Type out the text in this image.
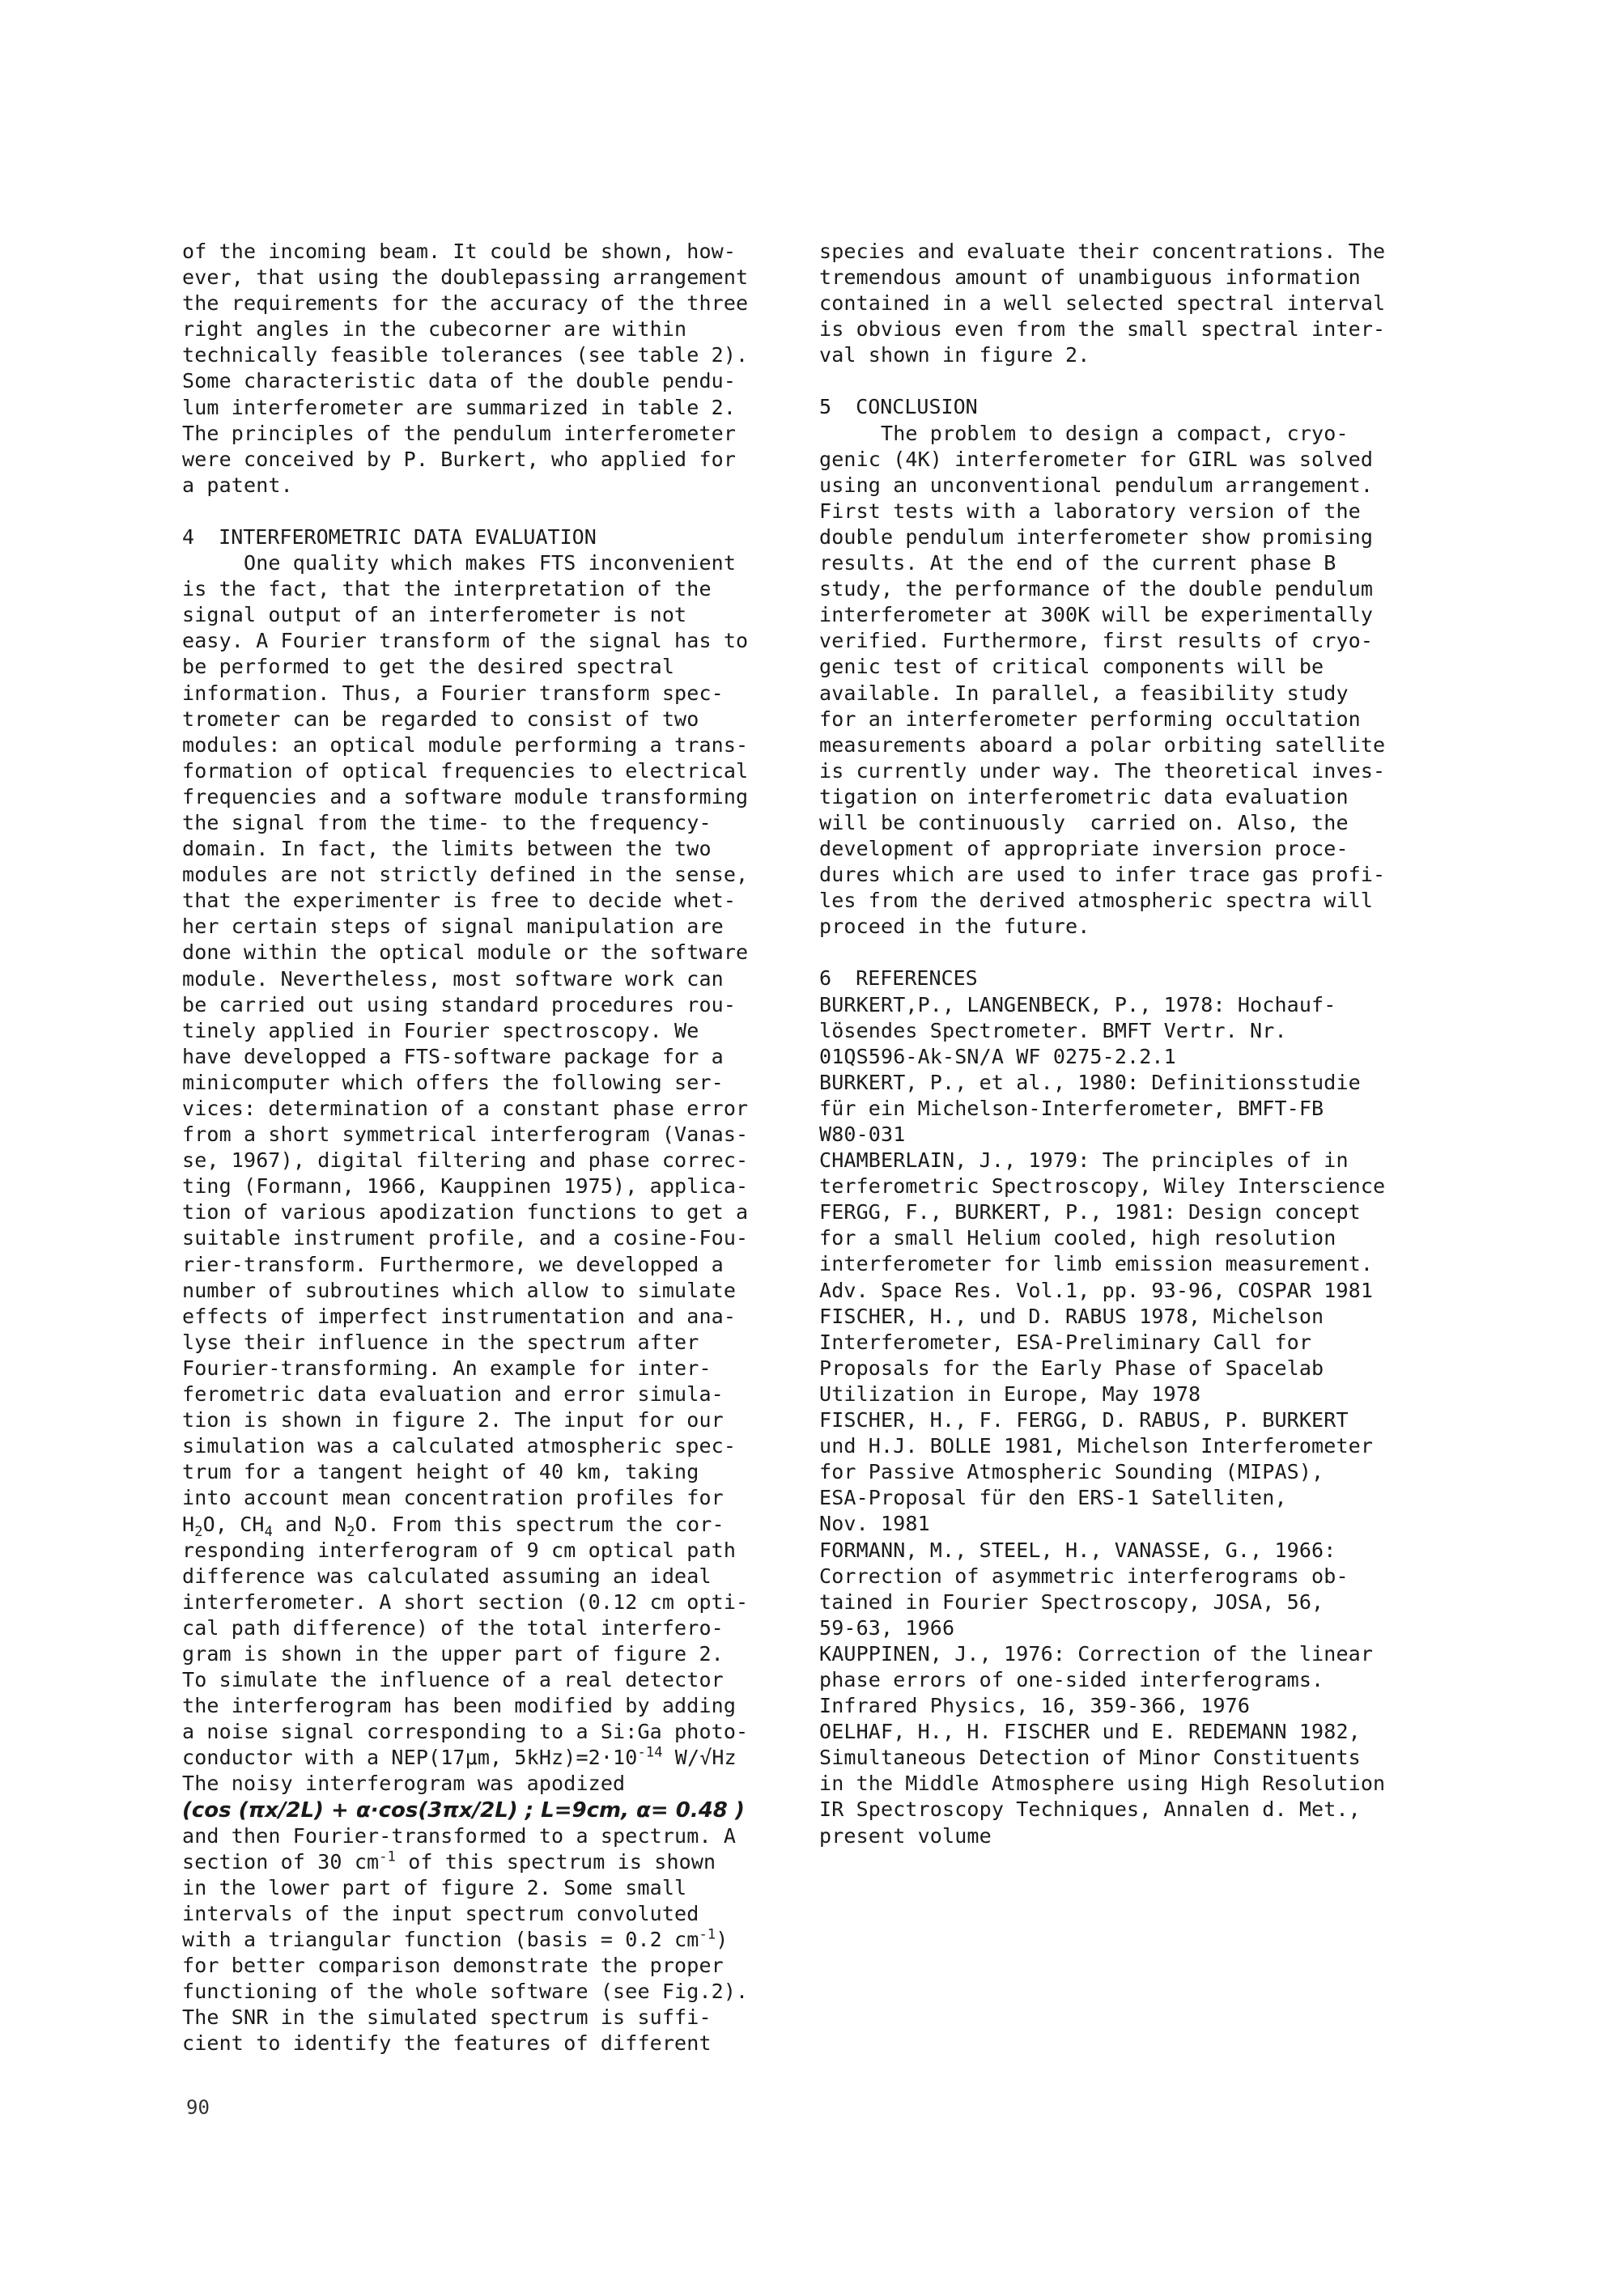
of the incoming beam. It could be shown, how-
ever, that using the doublepassing arrangement
the requirements for the accuracy of the three
right angles in the cubecorner are within
technically feasible tolerances (see table 2).
Some characteristic data of the double pendu-
lum interferometer are summarized in table 2.
The principles of the pendulum interferometer
were conceived by P. Burkert, who applied for
a patent.
4  INTERFEROMETRIC DATA EVALUATION
One quality which makes FTS inconvenient
is the fact, that the interpretation of the
signal output of an interferometer is not
easy. A Fourier transform of the signal has to
be performed to get the desired spectral
information. Thus, a Fourier transform spec-
trometer can be regarded to consist of two
modules: an optical module performing a trans-
formation of optical frequencies to electrical
frequencies and a software module transforming
the signal from the time- to the frequency-
domain. In fact, the limits between the two
modules are not strictly defined in the sense,
that the experimenter is free to decide whet-
her certain steps of signal manipulation are
done within the optical module or the software
module. Nevertheless, most software work can
be carried out using standard procedures rou-
tinely applied in Fourier spectroscopy. We
have developped a FTS-software package for a
minicomputer which offers the following ser-
vices: determination of a constant phase error
from a short symmetrical interferogram (Vanas-
se, 1967), digital filtering and phase correc-
ting (Formann, 1966, Kauppinen 1975), applica-
tion of various apodization functions to get a
suitable instrument profile, and a cosine-Fou-
rier-transform. Furthermore, we developped a
number of subroutines which allow to simulate
effects of imperfect instrumentation and ana-
lyse their influence in the spectrum after
Fourier-transforming. An example for inter-
ferometric data evaluation and error simula-
tion is shown in figure 2. The input for our
simulation was a calculated atmospheric spec-
trum for a tangent height of 40 km, taking
into account mean concentration profiles for
$H_2O$, $CH_4$ and $N_2O$. From this spectrum the cor-
responding interferogram of 9 cm optical path
difference was calculated assuming an ideal
interferometer. A short section (0.12 cm opti-
cal path difference) of the total interfero-
gram is shown in the upper part of figure 2.
To simulate the influence of a real detector
the interferogram has been modified by adding
a noise signal corresponding to a Si:Ga photo-
conductor with a NEP(17μm, $5kHz)=2\cdot 10^{-14}$ W/√Hz
The noisy interferogram was apodized
(cos (πx/2L) + α·cos(3πx/2L) ; L=9cm, α= 0.48 )
and then Fourier-transformed to a spectrum. A
section of 30 $cm^{-1}$ of this spectrum is shown
in the lower part of figure 2. Some small
intervals of the input spectrum convoluted
with a triangular function (basis = 0.2 $cm^{-1}$)
for better comparison demonstrate the proper
functioning of the whole software (see Fig.2).
The SNR in the simulated spectrum is suffi-
cient to identify the features of different
species and evaluate their concentrations. The
tremendous amount of unambiguous information
contained in a well selected spectral interval
is obvious even from the small spectral inter-
val shown in figure 2.
5  CONCLUSION
The problem to design a compact, cryo-
genic (4K) interferometer for GIRL was solved
using an unconventional pendulum arrangement.
First tests with a laboratory version of the
double pendulum interferometer show promising
results. At the end of the current phase B
study, the performance of the double pendulum
interferometer at 300K will be experimentally
verified. Furthermore, first results of cryo-
genic test of critical components will be
available. In parallel, a feasibility study
for an interferometer performing occultation
measurements aboard a polar orbiting satellite
is currently under way. The theoretical inves-
tigation on interferometric data evaluation
will be continuously  carried on. Also, the
development of appropriate inversion proce-
dures which are used to infer trace gas profi-
les from the derived atmospheric spectra will
proceed in the future.
6  REFERENCES
BURKERT,P., LANGENBECK, P., 1978: Hochauf-
lösendes Spectrometer. BMFT Vertr. Nr.
01QS596-Ak-SN/A WF 0275-2.2.1
BURKERT, P., et al., 1980: Definitionsstudie
für ein Michelson-Interferometer, BMFT-FB
W80-031
CHAMBERLAIN, J., 1979: The principles of in
terferometric Spectroscopy, Wiley Interscience
FERGG, F., BURKERT, P., 1981: Design concept
for a small Helium cooled, high resolution
interferometer for limb emission measurement.
Adv. Space Res. Vol.1, pp. 93-96, COSPAR 1981
FISCHER, H., und D. RABUS 1978, Michelson
Interferometer, ESA-Preliminary Call for
Proposals for the Early Phase of Spacelab
Utilization in Europe, May 1978
FISCHER, H., F. FERGG, D. RABUS, P. BURKERT
und H.J. BOLLE 1981, Michelson Interferometer
for Passive Atmospheric Sounding (MIPAS),
ESA-Proposal für den ERS-1 Satelliten,
Nov. 1981
FORMANN, M., STEEL, H., VANASSE, G., 1966:
Correction of asymmetric interferograms ob-
tained in Fourier Spectroscopy, JOSA, 56,
59-63, 1966
KAUPPINEN, J., 1976: Correction of the linear
phase errors of one-sided interferograms.
Infrared Physics, 16, 359-366, 1976
OELHAF, H., H. FISCHER und E. REDEMANN 1982,
Simultaneous Detection of Minor Constituents
in the Middle Atmosphere using High Resolution
IR Spectroscopy Techniques, Annalen d. Met.,
present volume
90
